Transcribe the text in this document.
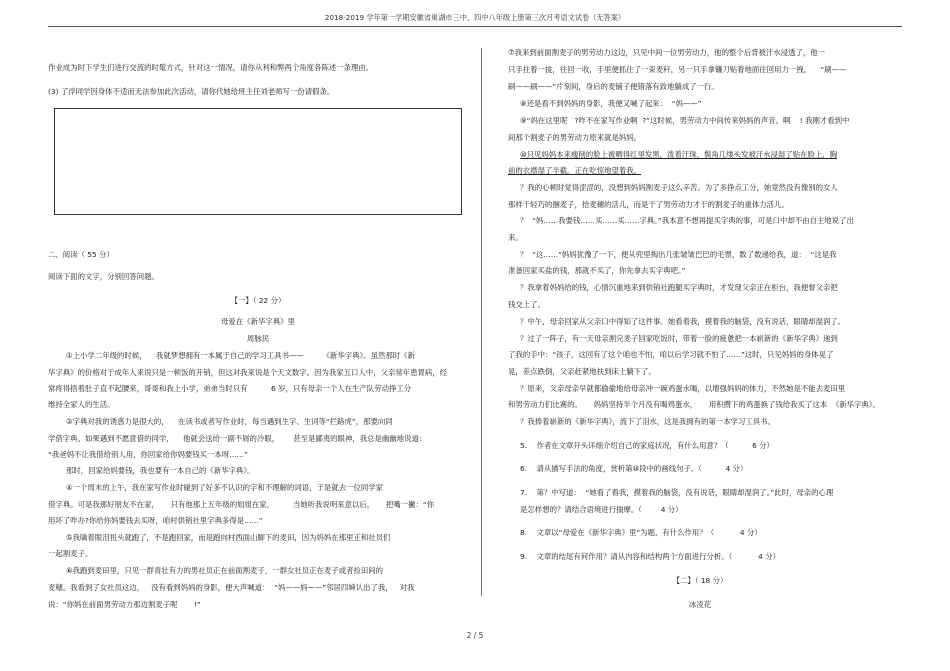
2018-2019 学年第一学期安徽省巢湖市三中、四中八年级上册第三次月考语文试卷（无答案）
作业成为时下学生们进行交流的时髦方式，针对这一情况，请你从利和弊两个角度各陈述一条理由。
(3) 了浮同学因身体不适而无法参加此次活动，请你代她给班主任刘老师写一份请假条。
二、阅读（ 55 分）
阅读下面的文字，分别回答问题。
【一】（ 22 分）
母爱在《新华字典》里
周脉民
①上小学二年级的时候，    我就梦想拥有一本属于自己的学习工具书——        《新华字典》。虽然那时《新
华字典》的价格对于成年人来说只是一顿饭的开销，但这对我来说是个天文数字。因为我家五口人中，父亲常年患胃病，经
常疼得捂着肚子直不起腰来，哥哥和我上小学，弟弟当时只有          6 岁，只有母亲一个人在生产队劳动挣工分
维持全家人的生活。
②字典对我的诱惑力是很大的，    在读书或者写作业时，每当遇到生字、生词等“拦路虎”，那要向同
学借字典。如果遇到不愿意借的同学，    他就会送给一副不屑的冷眼，      甚至是鄙夷的眼神，我总是幽幽地说道：
“我爸妈不让我借给别人用，你回家给你妈要钱买一本呀……”
那时，回家给妈要钱，我也要有一本自己的《新华字典》。
④一个周末的上午，我在家写作业时碰到了好多不认识的字和不理解的词语，于是就去一位同学家
借字典。可是我那好朋友不在家，     只有他那上五年级的姐姐在家，        当她听我说明来意以后，     把嘴一撇：“你
用坏了咋办?你给你妈要钱去买呀，咱村供销社里字典多得是……”
⑤我噙着眼泪扭头就跑了，不是跑回家，而是跑向村西面山脚下的麦田，因为妈妈在那里正和社员们
一起割麦子。
⑥我跑到麦田里，只见一群青壮有力的男社员正在前面割麦子，一群女社员正在麦子或者捡田间的
麦穗。我看到了女社员这边，   没有看到妈妈的身影，便大声喊道：  “妈——妈——”邻居四婶认出了我，   对我
说：“你妈在前面男劳动力那边割麦子呢       !”
⑦我来到前面割麦子的男劳动力这边，只见中间一位男劳动力，他的整个后背被汗水浸透了，他一
只手拄着一拢，往回一收，手里便抓住了一束麦秆，另一只手拿镰刀贴着地面往回用力一拽，    “刷——
刷——刷——”片刻间，身后的麦铺子便错落有致地躺成了一行。
⑧还是看不到妈妈的身影，我便又喊了起来：  “妈——”
⑨“妈在这里呢   ?咋不在家写作业啊  ?”这时候，男劳动力中间传来妈妈的声音。啊    ! 我刚才看到中
间那个割麦子的男劳动力原来就是妈妈。
⑩只见妈妈本来瘦削的脸上被晒得红里发黑，泼着汗珠，鬓角几缕头发被汗水浸湿了贴在脸上，胸
前的衣襟湿了半截。正在吃惊地望着我。
？我的心顿时觉得涩涩的，没想到妈妈割麦子这么辛苦。为了多挣点工分，她竟然没有像别的女人
那样干轻巧的捆麦子，拾麦穗的活儿，而是干了男劳动力才干的割麦子的重体力活儿。
？  “妈……我要钱……买……买……字典。”我本意不想再提买字典的事，可是口中却不由自主地说了出
来。
？  “这……”妈妈犹豫了一下，便从兜里掏出几张皱皱巴巴的毛票，数了数递给我，道：  “这是我
准备回家买盐的钱，那就不买了，你先拿去买字典吧。”
？我拿着妈妈给的钱，心情沉重地来到供销社跑腿买字典时，才发现父亲正在柜台，我便督父亲把
钱交上了。
？中午，母亲回家从父亲口中得知了这件事。她看着我，摸着我的脑袋，没有说话，眼睛却湿润了。
？过了一阵子，有一天母亲割完麦子回家吃饭时，带着一脸的疲惫把一本崭新的《新华字典》递到
了我的手中：“孩子，这回有了这个咱也不怕，咱以后学习就不怕了……”这时，只见妈妈的身体晃了
晃，差点跌倒，父亲赶紧地扶到床上躺下了。
？原来，父亲母亲早就都偷偷地给母亲冲一碗鸡蛋水喝，以增强妈妈的体力，不然她是不能去麦田里
和男劳动力们比赛的。     妈妈坚持半个月没有喝鸡蛋水，     用积攒下的鸡蛋换了钱给我买了这本  《新华字典》。
？我捧着崭新的《新华字典》，流下了泪水，这是我拥有的第一本学习工具书。
5.    作者在文章开头详细介绍自己的家庭状况，有什么用意？（          6 分）
6.    请从描写手法的角度，赏析第⑩段中的画线句子。（          4 分）
7.    第？中写道：  “她看了看我，摸着我的脑袋，没有说话，眼睛却湿润了。”此时，母亲的心理
是怎样想的？请结合语境进行揣摩。（        4 分）
8.    文章以“母爱在《新华字典》里”为题，有什么作用？（           4 分）
9.    文章的结尾有何作用？请从内容和结构两个方面进行分析。（           4 分）
【二】（ 18 分）
冰凌花
2 / 5
